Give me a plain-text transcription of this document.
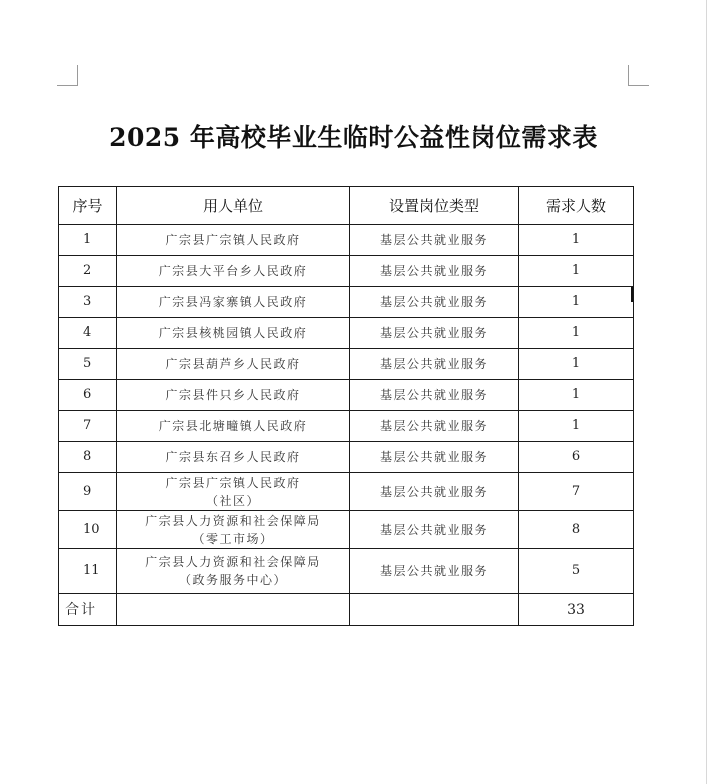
2025 年高校毕业生临时公益性岗位需求表
序号	用人单位	设置岗位类型	需求人数
1	广宗县广宗镇人民政府	基层公共就业服务	1
2	广宗县大平台乡人民政府	基层公共就业服务	1
3	广宗县冯家寨镇人民政府	基层公共就业服务	1
4	广宗县核桃园镇人民政府	基层公共就业服务	1
5	广宗县葫芦乡人民政府	基层公共就业服务	1
6	广宗县件只乡人民政府	基层公共就业服务	1
7	广宗县北塘疃镇人民政府	基层公共就业服务	1
8	广宗县东召乡人民政府	基层公共就业服务	6
9	广宗县广宗镇人民政府
（社区）	基层公共就业服务	7
10	广宗县人力资源和社会保障局
（零工市场）	基层公共就业服务	8
11	广宗县人力资源和社会保障局
（政务服务中心）	基层公共就业服务	5
合计			33
